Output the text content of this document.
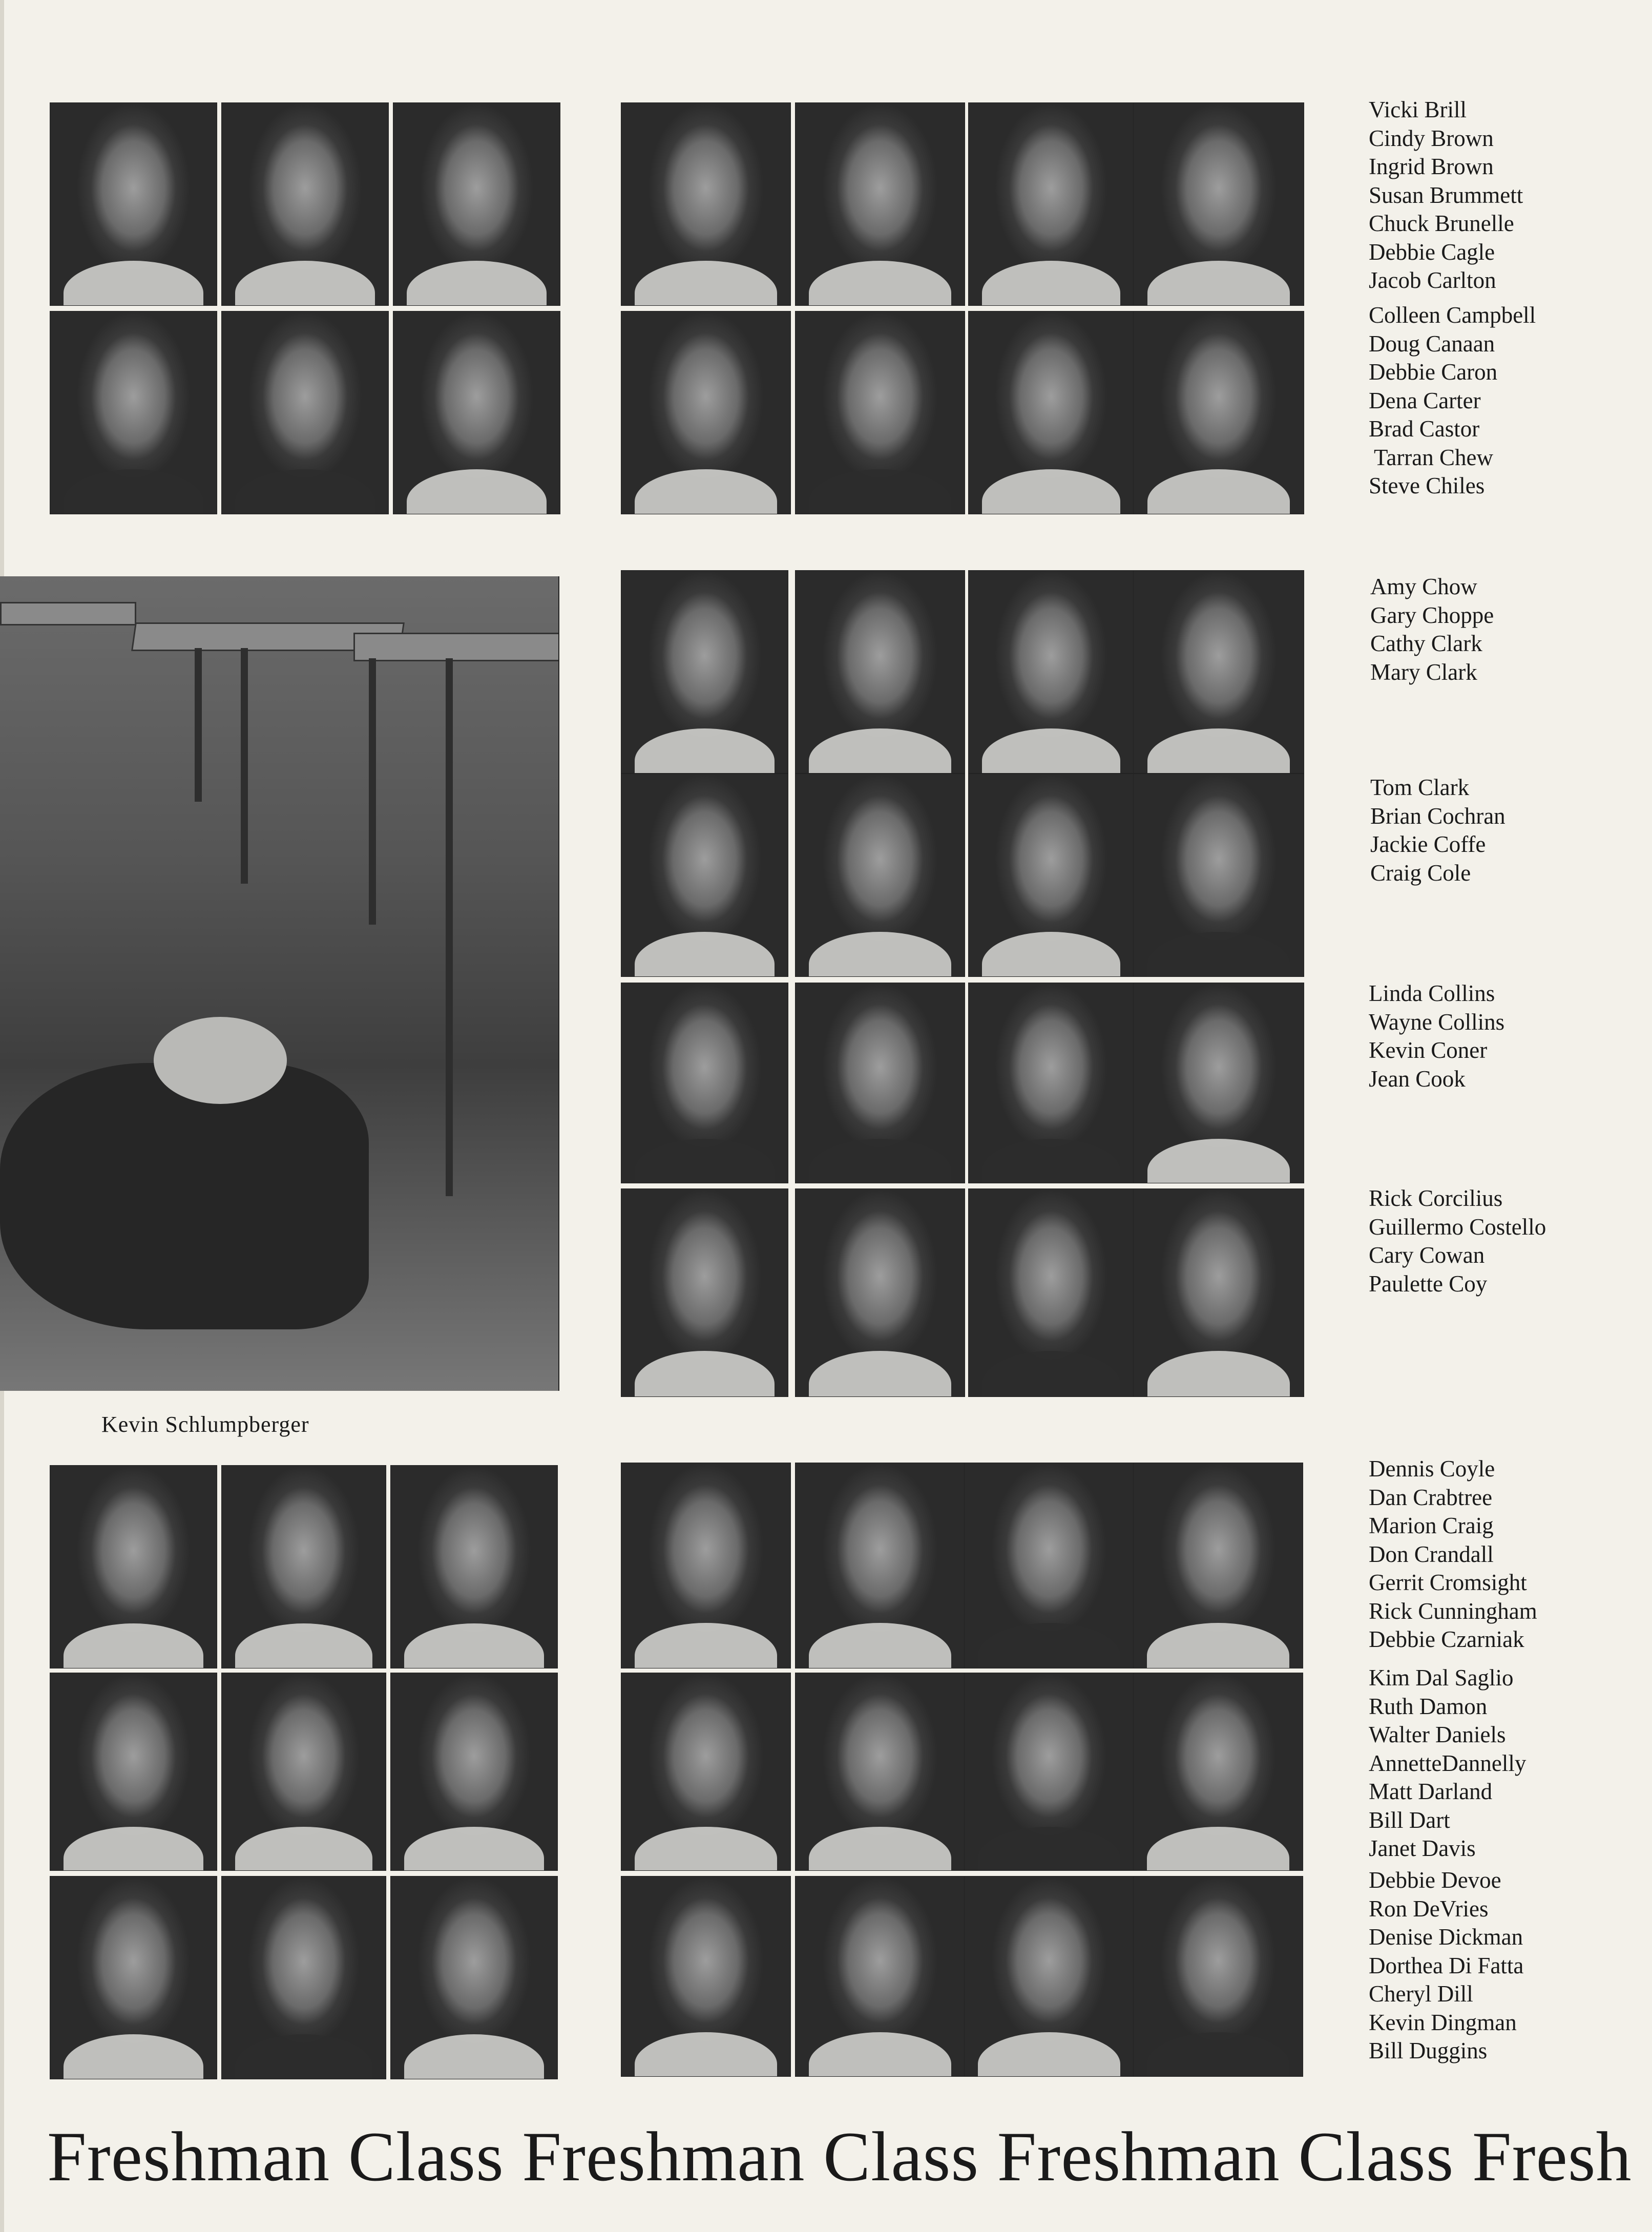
Kevin Schlumpberger
Vicki Brill
Cindy Brown
Ingrid Brown
Susan Brummett
Chuck Brunelle
Debbie Cagle
Jacob Carlton
Colleen Campbell
Doug Canaan
Debbie Caron
Dena Carter
Brad Castor
Tarran Chew
Steve Chiles
Amy Chow
Gary Choppe
Cathy Clark
Mary Clark
Tom Clark
Brian Cochran
Jackie Coffe
Craig Cole
Linda Collins
Wayne Collins
Kevin Coner
Jean Cook
Rick Corcilius
Guillermo Costello
Cary Cowan
Paulette Coy
Dennis Coyle
Dan Crabtree
Marion Craig
Don Crandall
Gerrit Cromsight
Rick Cunningham
Debbie Czarniak
Kim Dal Saglio
Ruth Damon
Walter Daniels
AnnetteDannelly
Matt Darland
Bill Dart
Janet Davis
Debbie Devoe
Ron DeVries
Denise Dickman
Dorthea Di Fatta
Cheryl Dill
Kevin Dingman
Bill Duggins
Freshman Class Freshman Class Freshman Class Fresh
